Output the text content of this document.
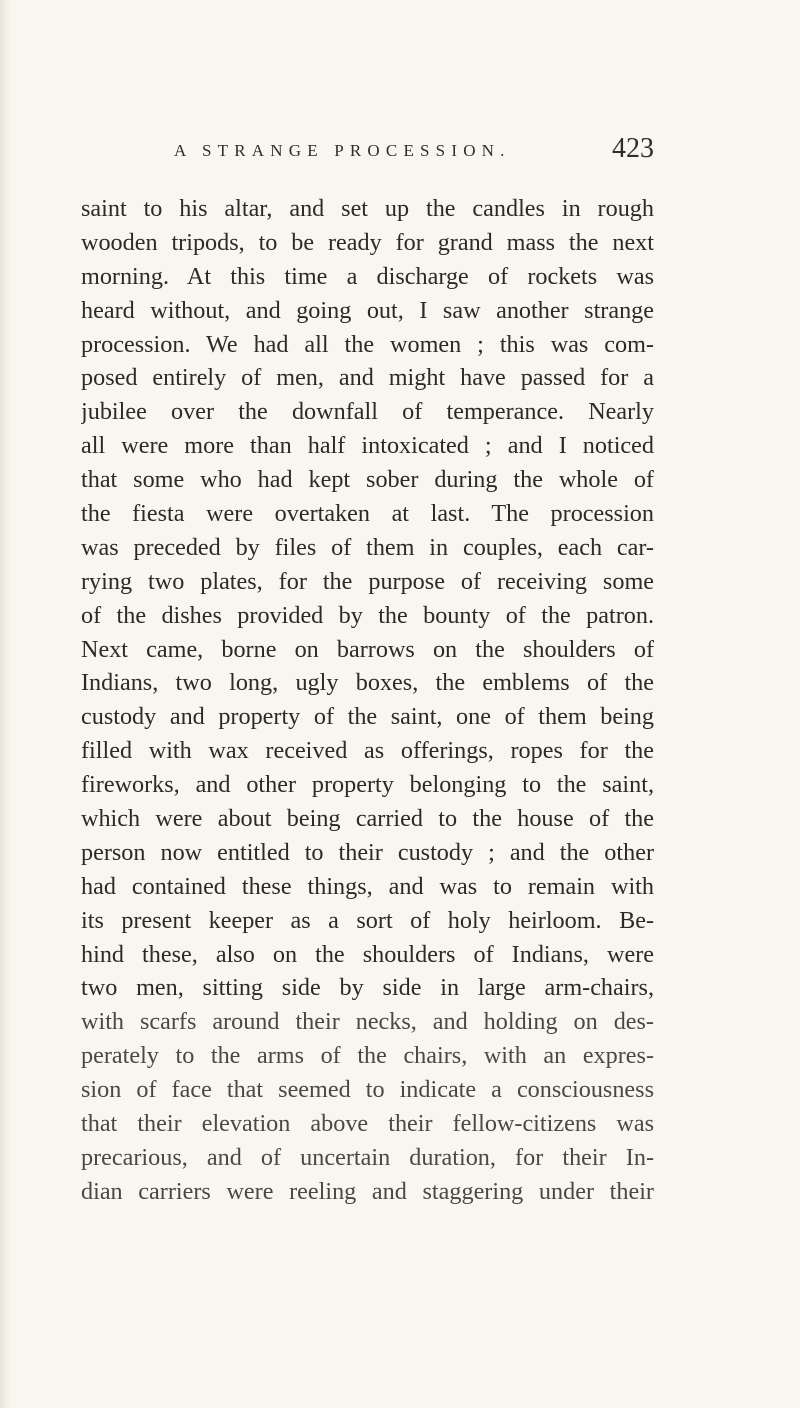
A STRANGE PROCESSION.	423
saint to his altar, and set up the candles in rough
wooden tripods, to be ready for grand mass the next
morning. At this time a discharge of rockets was
heard without, and going out, I saw another strange
procession. We had all the women ; this was com-
posed entirely of men, and might have passed for a
jubilee over the downfall of temperance. Nearly
all were more than half intoxicated ; and I noticed
that some who had kept sober during the whole of
the fiesta were overtaken at last. The procession
was preceded by files of them in couples, each car-
rying two plates, for the purpose of receiving some
of the dishes provided by the bounty of the patron.
Next came, borne on barrows on the shoulders of
Indians, two long, ugly boxes, the emblems of the
custody and property of the saint, one of them being
filled with wax received as offerings, ropes for the
fireworks, and other property belonging to the saint,
which were about being carried to the house of the
person now entitled to their custody ; and the other
had contained these things, and was to remain with
its present keeper as a sort of holy heirloom. Be-
hind these, also on the shoulders of Indians, were
two men, sitting side by side in large arm-chairs,
with scarfs around their necks, and holding on des-
perately to the arms of the chairs, with an expres-
sion of face that seemed to indicate a consciousness
that their elevation above their fellow-citizens was
precarious, and of uncertain duration, for their In-
dian carriers were reeling and staggering under their
